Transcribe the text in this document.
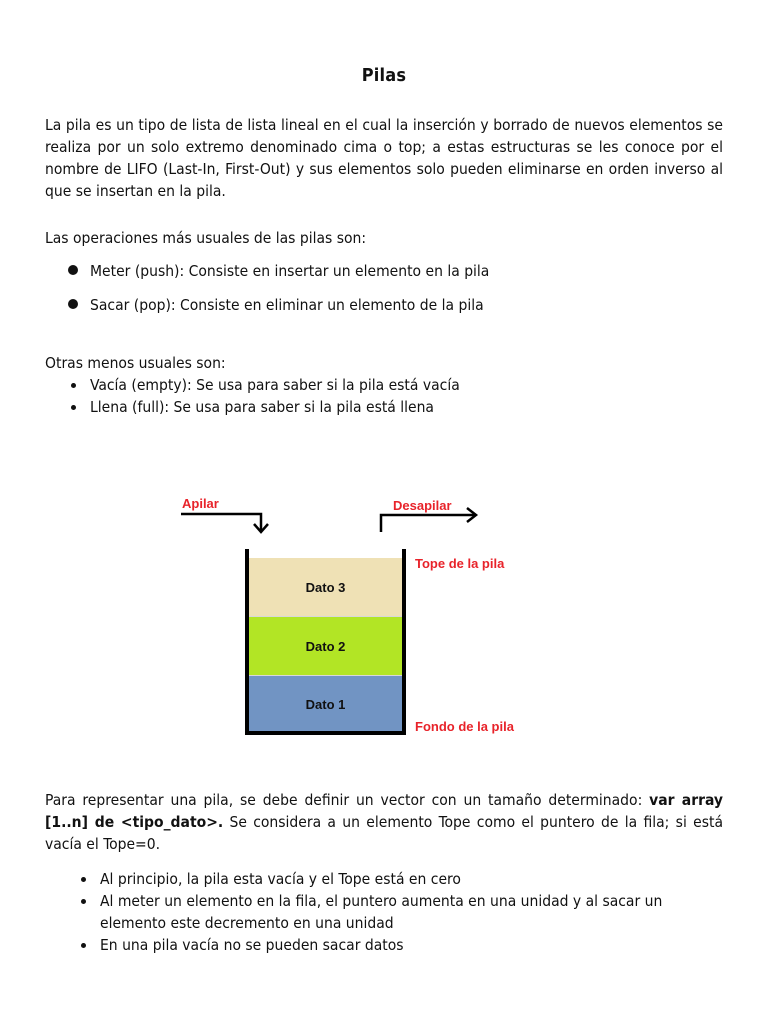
Pilas

La pila es un tipo de lista de lista lineal en el cual la inserción y borrado de nuevos elementos se realiza por un solo extremo denominado cima o top; a estas estructuras se les conoce por el nombre de LIFO (Last-In, First-Out) y sus elementos solo pueden eliminarse en orden inverso al que se insertan en la pila.

Las operaciones más usuales de las pilas son:

Meter (push): Consiste en insertar un elemento en la pila
Sacar (pop): Consiste en eliminar un elemento de la pila

Otras menos usuales son:

Vacía (empty): Se usa para saber si la pila está vacía
Llena (full): Se usa para saber si la pila está llena
Apilar	Desapilar
Dato 3
Dato 2
Dato 1
Tope de la pila
Fondo de la pila

Para representar una pila, se debe definir un vector con un tamaño determinado: var array [1..n] de <tipo_dato>. Se considera a un elemento Tope como el puntero de la fila; si está vacía el Tope=0.

Al principio, la pila esta vacía y el Tope está en cero
Al meter un elemento en la fila, el puntero aumenta en una unidad y al sacar un elemento este decremento en una unidad
En una pila vacía no se pueden sacar datos
